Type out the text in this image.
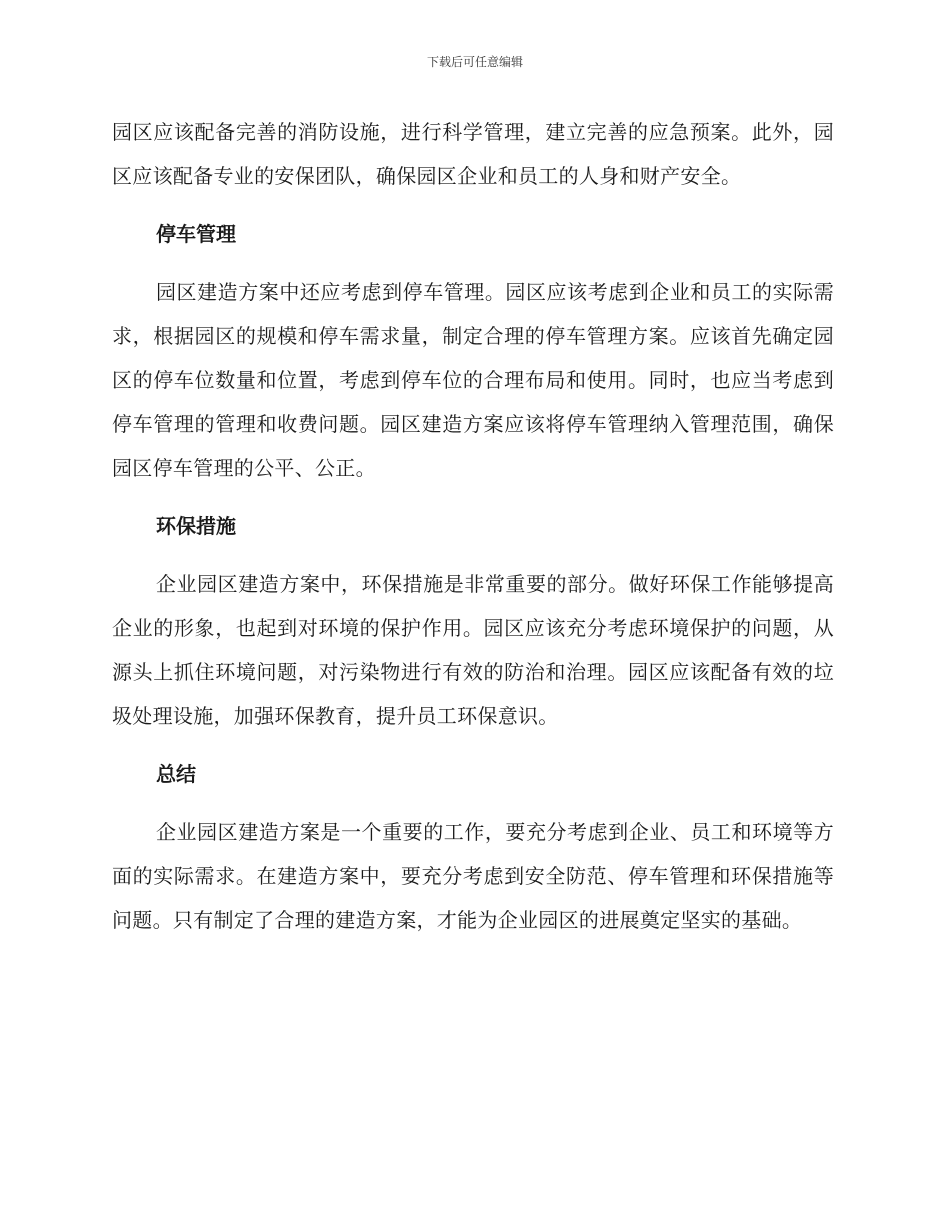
下载后可任意编辑

园区应该配备完善的消防设施，进行科学管理，建立完善的应急预案。此外，园区应该配备专业的安保团队，确保园区企业和员工的人身和财产安全。

停车管理

园区建造方案中还应考虑到停车管理。园区应该考虑到企业和员工的实际需求，根据园区的规模和停车需求量，制定合理的停车管理方案。应该首先确定园区的停车位数量和位置，考虑到停车位的合理布局和使用。同时，也应当考虑到停车管理的管理和收费问题。园区建造方案应该将停车管理纳入管理范围，确保园区停车管理的公平、公正。

环保措施

企业园区建造方案中，环保措施是非常重要的部分。做好环保工作能够提高企业的形象，也起到对环境的保护作用。园区应该充分考虑环境保护的问题，从源头上抓住环境问题，对污染物进行有效的防治和治理。园区应该配备有效的垃圾处理设施，加强环保教育，提升员工环保意识。

总结

企业园区建造方案是一个重要的工作，要充分考虑到企业、员工和环境等方面的实际需求。在建造方案中，要充分考虑到安全防范、停车管理和环保措施等问题。只有制定了合理的建造方案，才能为企业园区的进展奠定坚实的基础。
